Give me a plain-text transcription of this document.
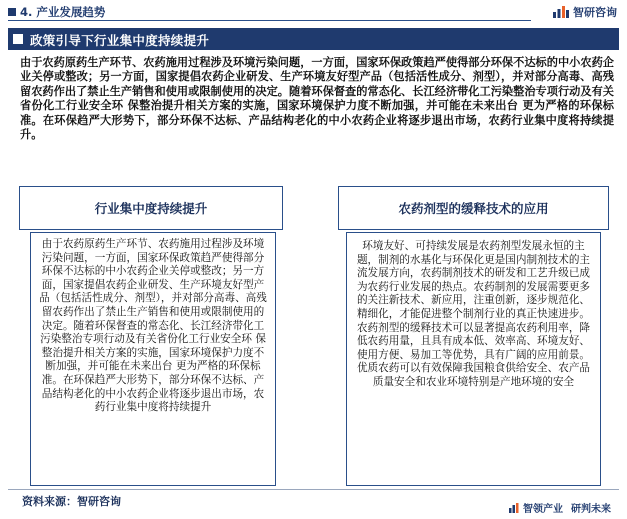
4. 产业发展趋势	智研咨询
政策引导下行业集中度持续提升

由于农药原药生产环节、农药施用过程涉及环境污染问题，一方面，国家环保政策趋严使得部分环保不达标的中小农药企业关停或整改；另一方面，国家提倡农药企业研发、生产环境友好型产品（包括活性成分、剂型），并对部分高毒、高残留农药作出了禁止生产销售和使用或限制使用的决定。随着环保督查的常态化、长江经济带化工污染整治专项行动及有关省份化工行业安全环 保整治提升相关方案的实施，国家环境保护力度不断加强，并可能在未来出台 更为严格的环保标准。在环保趋严大形势下，部分环保不达标、产品结构老化的中小农药企业将逐步退出市场，农药行业集中度将持续提升。

行业集中度持续提升
由于农药原药生产环节、农药施用过程涉及环境污染问题，一方面，国家环保政策趋严使得部分环保不达标的中小农药企业关停或整改；另一方面，国家提倡农药企业研发、生产环境友好型产品（包括活性成分、剂型），并对部分高毒、高残留农药作出了禁止生产销售和使用或限制使用的决定。随着环保督查的常态化、长江经济带化工污染整治专项行动及有关省份化工行业安全环 保整治提升相关方案的实施，国家环境保护力度不断加强，并可能在未来出台 更为严格的环保标准。在环保趋严大形势下，部分环保不达标、产品结构老化的中小农药企业将逐步退出市场，农药行业集中度将持续提升
农药剂型的缓释技术的应用
环境友好、可持续发展是农药剂型发展永恒的主题，制剂的水基化与环保化更是国内制剂技术的主流发展方向，农药制剂技术的研发和工艺升级已成为农药行业发展的热点。农药制剂的发展需要更多的关注新技术、新应用，注重创新，逐步规范化、精细化，才能促进整个制剂行业的真正快速进步。农药剂型的缓释技术可以显著提高农药利用率，降低农药用量，且具有成本低、效率高、环境友好、使用方便、易加工等优势，具有广阔的应用前景。优质农药可以有效保障我国粮食供给安全、农产品质量安全和农业环境特别是产地环境的安全
资料来源：智研咨询
智领产业 研判未来
